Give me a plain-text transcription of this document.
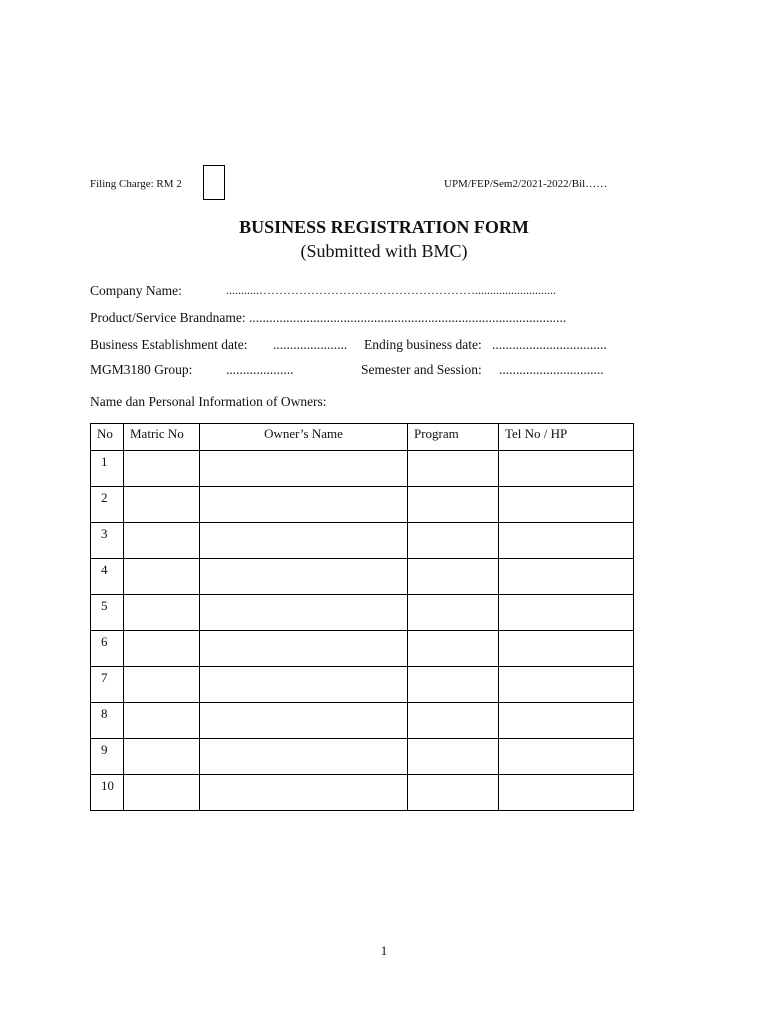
Filing Charge: RM 2	UPM/FEP/Sem2/2021-2022/Bil……
BUSINESS REGISTRATION FORM
(Submitted with BMC)
Company Name:	...........………………………………………………...........................
Product/Service Brandname: ..............................................................................................
Business Establishment date: ...................... Ending business date: ..................................
MGM3180 Group: ....................	Semester and Session: ...............................
Name dan Personal Information of Owners:
No	Matric No	Owner’s Name	Program	Tel No / HP
1				
2				
3				
4				
5				
6				
7				
8				
9				
10				
1
